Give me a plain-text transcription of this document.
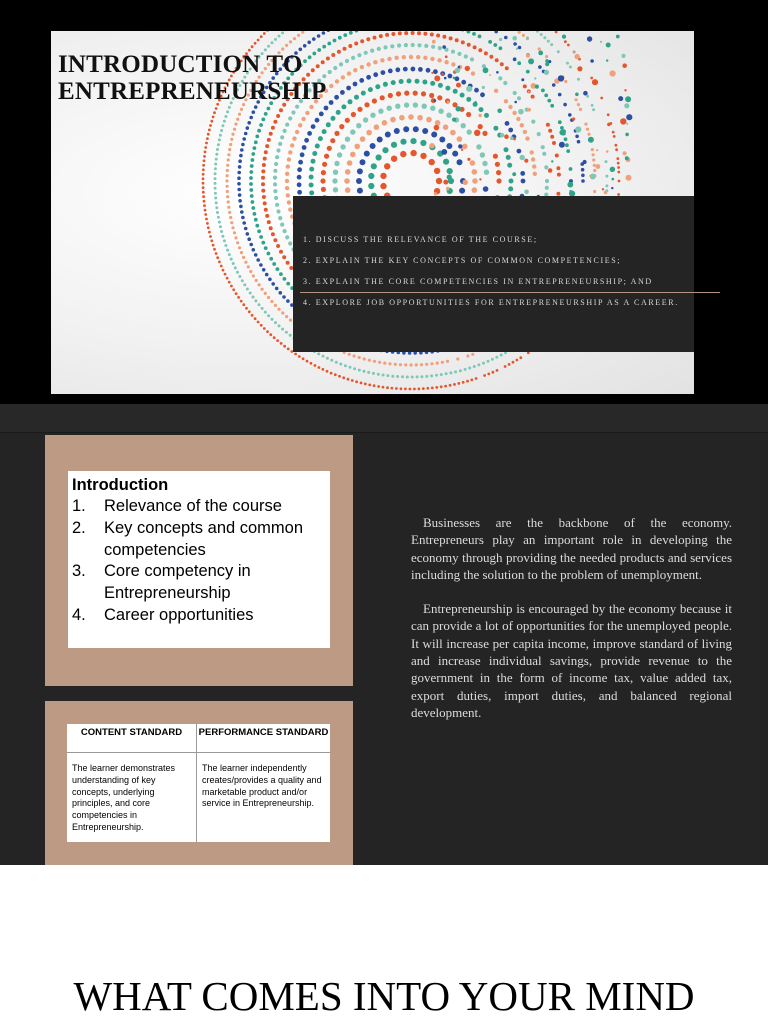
INTRODUCTION TO
ENTREPRENEURSHIP
1. DISCUSS THE RELEVANCE OF THE COURSE;
2. EXPLAIN THE KEY CONCEPTS OF COMMON COMPETENCIES;
3. EXPLAIN THE CORE COMPETENCIES IN ENTREPRENEURSHIP; AND
4. EXPLORE JOB OPPORTUNITIES FOR ENTREPRENEURSHIP AS A CAREER.
Introduction
1. Relevance of the course
2. Key concepts and common competencies
3. Core competency in Entrepreneurship
4. Career opportunities
CONTENT STANDARD
The learner demonstrates understanding of key concepts, underlying principles, and core competencies in Entrepreneurship.
PERFORMANCE STANDARD
The learner independently creates/provides a quality and marketable product and/or service in Entrepreneurship.

Businesses are the backbone of the economy. Entrepreneurs play an important role in developing the economy through providing the needed products and services including the solution to the problem of unemployment.

Entrepreneurship is encouraged by the economy because it can provide a lot of opportunities for the unemployed people. It will increase per capita income, improve standard of living and increase individual savings, provide revenue to the government in the form of income tax, value added tax, export duties, import duties, and balanced regional development.

WHAT COMES INTO YOUR MIND
